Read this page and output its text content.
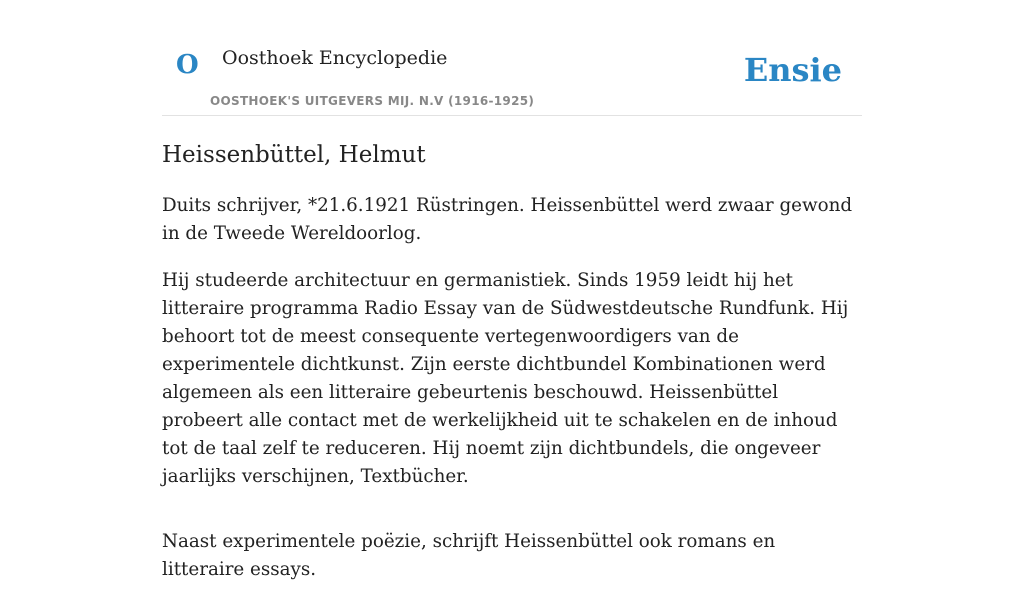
O Oosthoek Encyclopedie
OOSTHOEK'S UITGEVERS MIJ. N.V (1916-1925)
Ensie
Heissenbüttel, Helmut

Duits schrijver, *21.6.1921 Rüstringen. Heissenbüttel werd zwaar gewond in de Tweede Wereldoorlog.

Hij studeerde architectuur en germanistiek. Sinds 1959 leidt hij het litteraire programma Radio Essay van de Südwestdeutsche Rundfunk. Hij behoort tot de meest consequente vertegenwoordigers van de experimentele dichtkunst. Zijn eerste dichtbundel Kombinationen werd algemeen als een litteraire gebeurtenis beschouwd. Heissenbüttel probeert alle contact met de werkelijkheid uit te schakelen en de inhoud tot de taal zelf te reduceren. Hij noemt zijn dichtbundels, die ongeveer jaarlijks verschijnen, Textbücher.

Naast experimentele poëzie, schrijft Heissenbüttel ook romans en litteraire essays.
